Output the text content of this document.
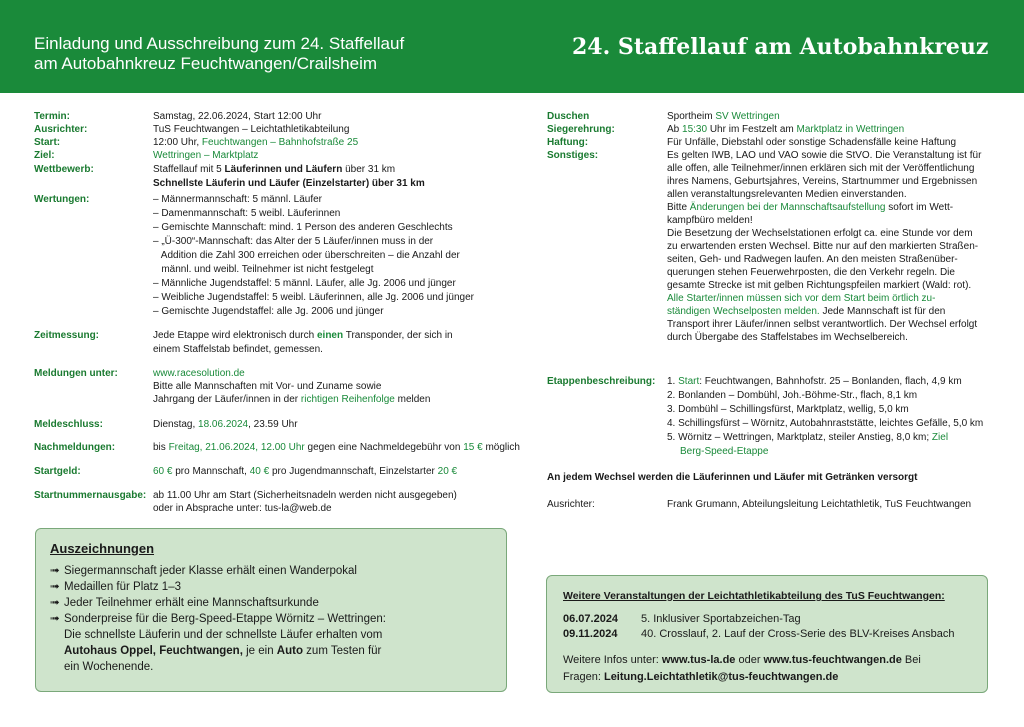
Einladung und Ausschreibung zum 24. Staffellauf
am Autobahnkreuz Feuchtwangen/Crailsheim
24. Staffellauf am Autobahnkreuz
Termin:	Samstag, 22.06.2024, Start 12:00 Uhr
Ausrichter:	TuS Feuchtwangen – Leichtathletikabteilung
Start:	12:00 Uhr, Feuchtwangen – Bahnhofstraße 25
Ziel:	Wettringen – Marktplatz
Wettbewerb:	Staffellauf mit 5 Läuferinnen und Läufern über 31 km
Schnellste Läuferin und Läufer (Einzelstarter) über 31 km
Wertungen:	– Männermannschaft: 5 männl. Läufer
– Damenmannschaft: 5 weibl. Läuferinnen
– Gemischte Mannschaft: mind. 1 Person des anderen Geschlechts
– „Ü-300“-Mannschaft: das Alter der 5 Läufer/innen muss in der
Addition die Zahl 300 erreichen oder überschreiten – die Anzahl der
männl. und weibl. Teilnehmer ist nicht festgelegt
– Männliche Jugendstaffel: 5 männl. Läufer, alle Jg. 2006 und jünger
– Weibliche Jugendstaffel: 5 weibl. Läuferinnen, alle Jg. 2006 und jünger
– Gemischte Jugendstaffel: alle Jg. 2006 und jünger
Zeitmessung:	Jede Etappe wird elektronisch durch einen Transponder, der sich in
einem Staffelstab befindet, gemessen.
Meldungen unter:	www.racesolution.de
Bitte alle Mannschaften mit Vor- und Zuname sowie
Jahrgang der Läufer/innen in der richtigen Reihenfolge melden
Meldeschluss:	Dienstag, 18.06.2024, 23.59 Uhr
Nachmeldungen:	bis Freitag, 21.06.2024, 12.00 Uhr gegen eine Nachmeldegebühr von 15 € möglich
Startgeld:	60 € pro Mannschaft, 40 € pro Jugendmannschaft, Einzelstarter 20 €
Startnummernausgabe: ab 11.00 Uhr am Start (Sicherheitsnadeln werden nicht ausgegeben)
oder in Absprache unter: tus-la@web.de
Auszeichnungen
➟ Siegermannschaft jeder Klasse erhält einen Wanderpokal
➟ Medaillen für Platz 1–3
➟ Jeder Teilnehmer erhält eine Mannschaftsurkunde
➟ Sonderpreise für die Berg-Speed-Etappe Wörnitz – Wettringen:
Die schnellste Läuferin und der schnellste Läufer erhalten vom
Autohaus Oppel, Feuchtwangen, je ein Auto zum Testen für
ein Wochenende.
Duschen	Sportheim SV Wettringen
Siegerehrung:	Ab 15:30 Uhr im Festzelt am Marktplatz in Wettringen
Haftung:	Für Unfälle, Diebstahl oder sonstige Schadensfälle keine Haftung
Sonstiges:	Es gelten IWB, LAO und VAO sowie die StVO. Die Veranstaltung ist für
alle offen, alle Teilnehmer/innen erklären sich mit der Veröffentlichung
ihres Namens, Geburtsjahres, Vereins, Startnummer und Ergebnissen
allen veranstaltungsrelevanten Medien einverstanden.
Bitte Änderungen bei der Mannschaftsaufstellung sofort im Wett-
kampfbüro melden!
Die Besetzung der Wechselstationen erfolgt ca. eine Stunde vor dem
zu erwartenden ersten Wechsel. Bitte nur auf den markierten Straßen-
seiten, Geh- und Radwegen laufen. An den meisten Straßenüber-
querungen stehen Feuerwehrposten, die den Verkehr regeln. Die
gesamte Strecke ist mit gelben Richtungspfeilen markiert (Wald: rot).
Alle Starter/innen müssen sich vor dem Start beim örtlich zu-
ständigen Wechselposten melden. Jede Mannschaft ist für den
Transport ihrer Läufer/innen selbst verantwortlich. Der Wechsel erfolgt
durch Übergabe des Staffelstabes im Wechselbereich.
Etappenbeschreibung: 1. Start: Feuchtwangen, Bahnhofstr. 25 – Bonlanden, flach, 4,9 km
2. Bonlanden – Dombühl, Joh.-Böhme-Str., flach, 8,1 km
3. Dombühl – Schillingsfürst, Marktplatz, wellig, 5,0 km
4. Schillingsfürst – Wörnitz, Autobahnraststätte, leichtes Gefälle, 5,0 km
5. Wörnitz – Wettringen, Marktplatz, steiler Anstieg, 8,0 km; Ziel
Berg-Speed-Etappe
An jedem Wechsel werden die Läuferinnen und Läufer mit Getränken versorgt
Ausrichter:	Frank Grumann, Abteilungsleitung Leichtathletik, TuS Feuchtwangen
Weitere Veranstaltungen der Leichtathletikabteilung des TuS Feuchtwangen:
06.07.2024 5. Inklusiver Sportabzeichen-Tag
09.11.2024 40. Crosslauf, 2. Lauf der Cross-Serie des BLV-Kreises Ansbach
Weitere Infos unter: www.tus-la.de oder www.tus-feuchtwangen.de Bei
Fragen: Leitung.Leichtathletik@tus-feuchtwangen.de
